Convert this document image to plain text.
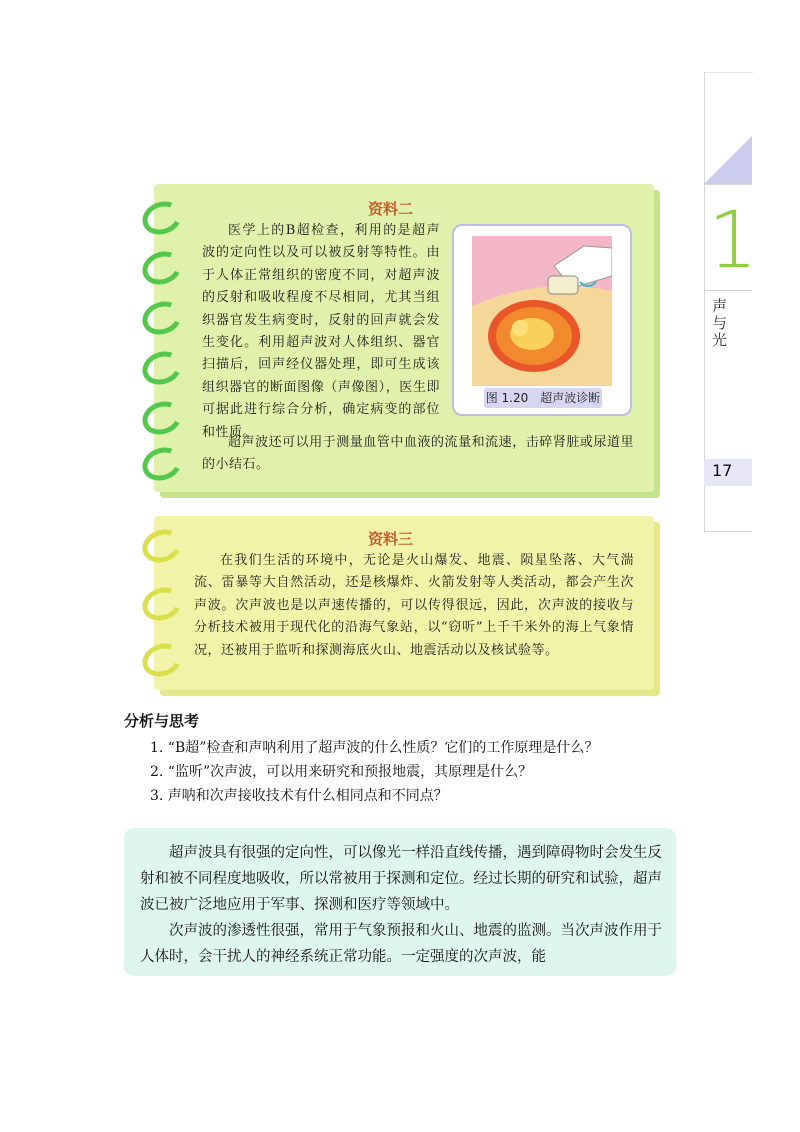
1
声与光
17
资料二

医学上的B超检查，利用的是超声波的定向性以及可以被反射等特性。由于人体正常组织的密度不同，对超声波的反射和吸收程度不尽相同，尤其当组织器官发生病变时，反射的回声就会发生变化。利用超声波对人体组织、器官扫描后，回声经仪器处理，即可生成该组织器官的断面图像（声像图），医生即可据此进行综合分析，确定病变的部位和性质。

超声波还可以用于测量血管中血液的流量和流速，击碎肾脏或尿道里的小结石。

图 1.20　超声波诊断
资料三

在我们生活的环境中，无论是火山爆发、地震、陨星坠落、大气湍流、雷暴等大自然活动，还是核爆炸、火箭发射等人类活动，都会产生次声波。次声波也是以声速传播的，可以传得很远，因此，次声波的接收与分析技术被用于现代化的沿海气象站，以“窃听”上千千米外的海上气象情况，还被用于监听和探测海底火山、地震活动以及核试验等。

分析与思考
1. “B超”检查和声呐利用了超声波的什么性质？它们的工作原理是什么？
2. “监听”次声波，可以用来研究和预报地震，其原理是什么？
3. 声呐和次声接收技术有什么相同点和不同点？

超声波具有很强的定向性，可以像光一样沿直线传播，遇到障碍物时会发生反射和被不同程度地吸收，所以常被用于探测和定位。经过长期的研究和试验，超声波已被广泛地应用于军事、探测和医疗等领域中。

次声波的渗透性很强，常用于气象预报和火山、地震的监测。当次声波作用于人体时，会干扰人的神经系统正常功能。一定强度的次声波，能
